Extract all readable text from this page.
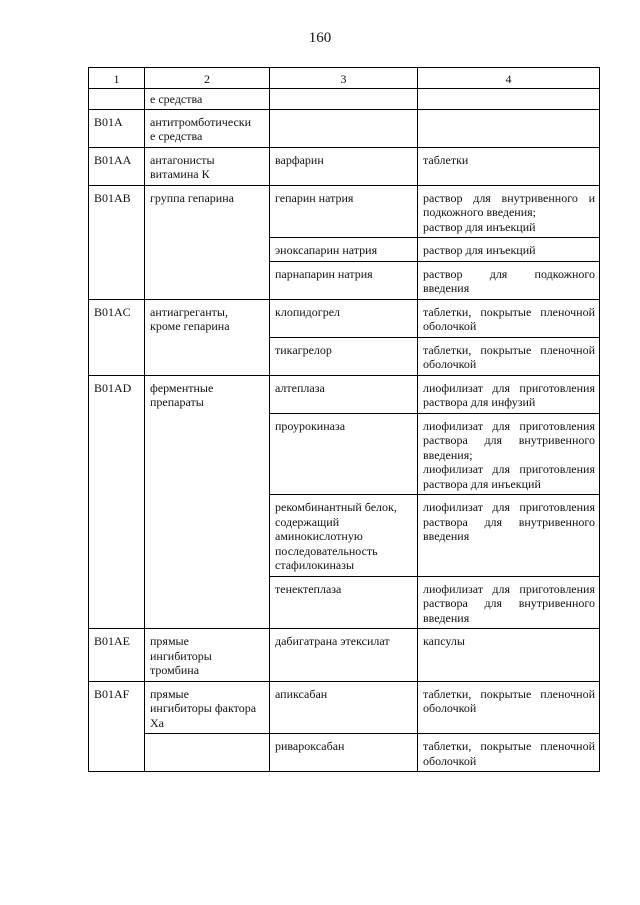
160
1	2	3	4
	е средства		
B01A	антитромботически
е средства		
B01AA	антагонисты
витамина К	варфарин	таблетки
B01AB	группа гепарина	гепарин натрия	раствор для внутривенного и подкожного введения;
раствор для инъекций
		эноксапарин натрия	раствор для инъекций
		парнапарин натрия	раствор для подкожного введения
B01AC	антиагреганты,
кроме гепарина	клопидогрел	таблетки, покрытые пленочной оболочкой
		тикагрелор	таблетки, покрытые пленочной оболочкой
B01AD	ферментные
препараты	алтеплаза	лиофилизат для приготовления раствора для инфузий
		проурокиназа	лиофилизат для приготовления раствора для внутривенного введения;
лиофилизат для приготовления раствора для инъекций
		рекомбинантный белок, содержащий аминокислотную последовательность стафилокиназы	лиофилизат для приготовления раствора для внутривенного введения
		тенектеплаза	лиофилизат для приготовления раствора для внутривенного введения
B01AE	прямые
ингибиторы
тромбина	дабигатрана этексилат	капсулы
B01AF	прямые
ингибиторы фактора
Xa	апиксабан	таблетки, покрытые пленочной оболочкой
		ривароксабан	таблетки, покрытые пленочной оболочкой
